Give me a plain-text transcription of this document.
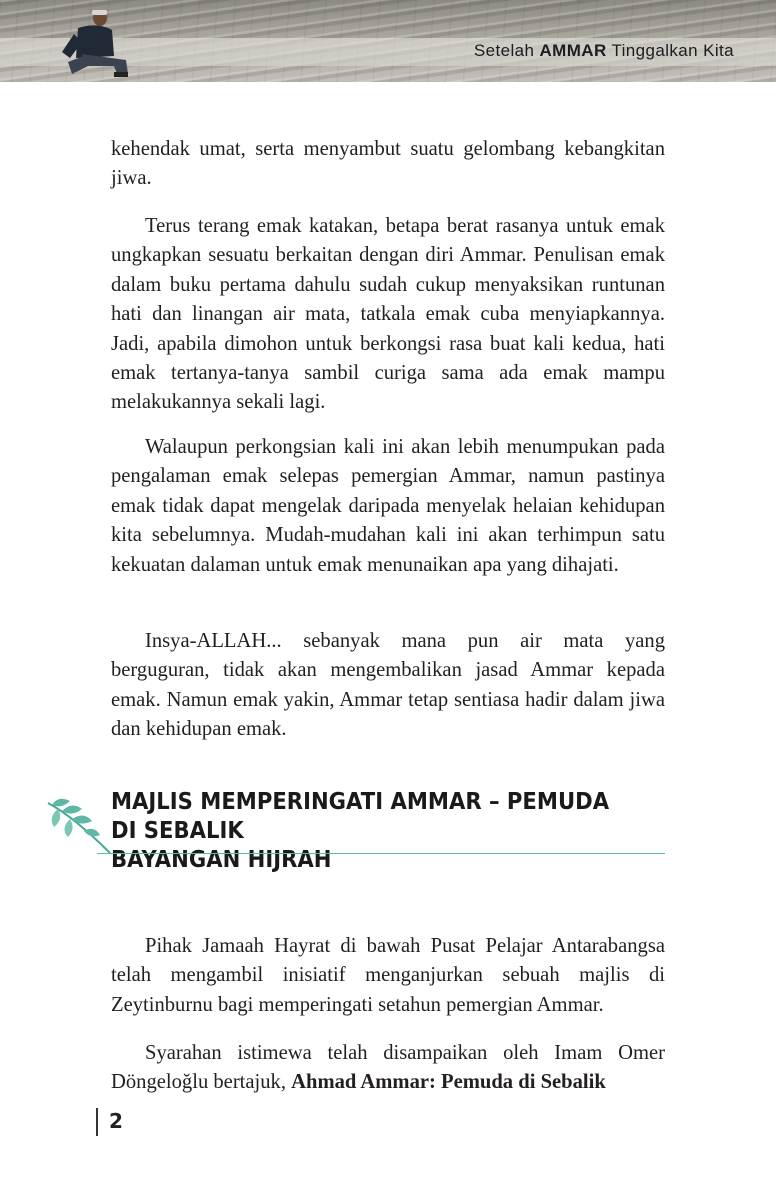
Setelah AMMAR Tinggalkan Kita

kehendak umat, serta menyambut suatu gelombang kebangkitan jiwa.

Terus terang emak katakan, betapa berat rasanya untuk emak ungkapkan sesuatu berkaitan dengan diri Ammar. Penulisan emak dalam buku pertama dahulu sudah cukup menyaksikan runtunan hati dan linangan air mata, tatkala emak cuba menyiapkannya. Jadi, apabila dimohon untuk berkongsi rasa buat kali kedua, hati emak tertanya-tanya sambil curiga sama ada emak mampu melakukannya sekali lagi.

Walaupun perkongsian kali ini akan lebih menumpukan pada pengalaman emak selepas pemergian Ammar, namun pastinya emak tidak dapat mengelak daripada menyelak helaian kehidupan kita sebelumnya. Mudah-mudahan kali ini akan terhimpun satu kekuatan dalaman untuk emak menunaikan apa yang dihajati.

Insya-ALLAH... sebanyak mana pun air mata yang berguguran, tidak akan mengembalikan jasad Ammar kepada emak. Namun emak yakin, Ammar tetap sentiasa hadir dalam jiwa dan kehidupan emak.

MAJLIS MEMPERINGATI AMMAR – PEMUDA DI SEBALIK
BAYANGAN HIJRAH

Pihak Jamaah Hayrat di bawah Pusat Pelajar Antarabangsa telah mengambil inisiatif menganjurkan sebuah majlis di Zeytinburnu bagi memperingati setahun pemergian Ammar.

Syarahan istimewa telah disampaikan oleh Imam Omer Döngeloğlu bertajuk, Ahmad Ammar: Pemuda di Sebalik

2
